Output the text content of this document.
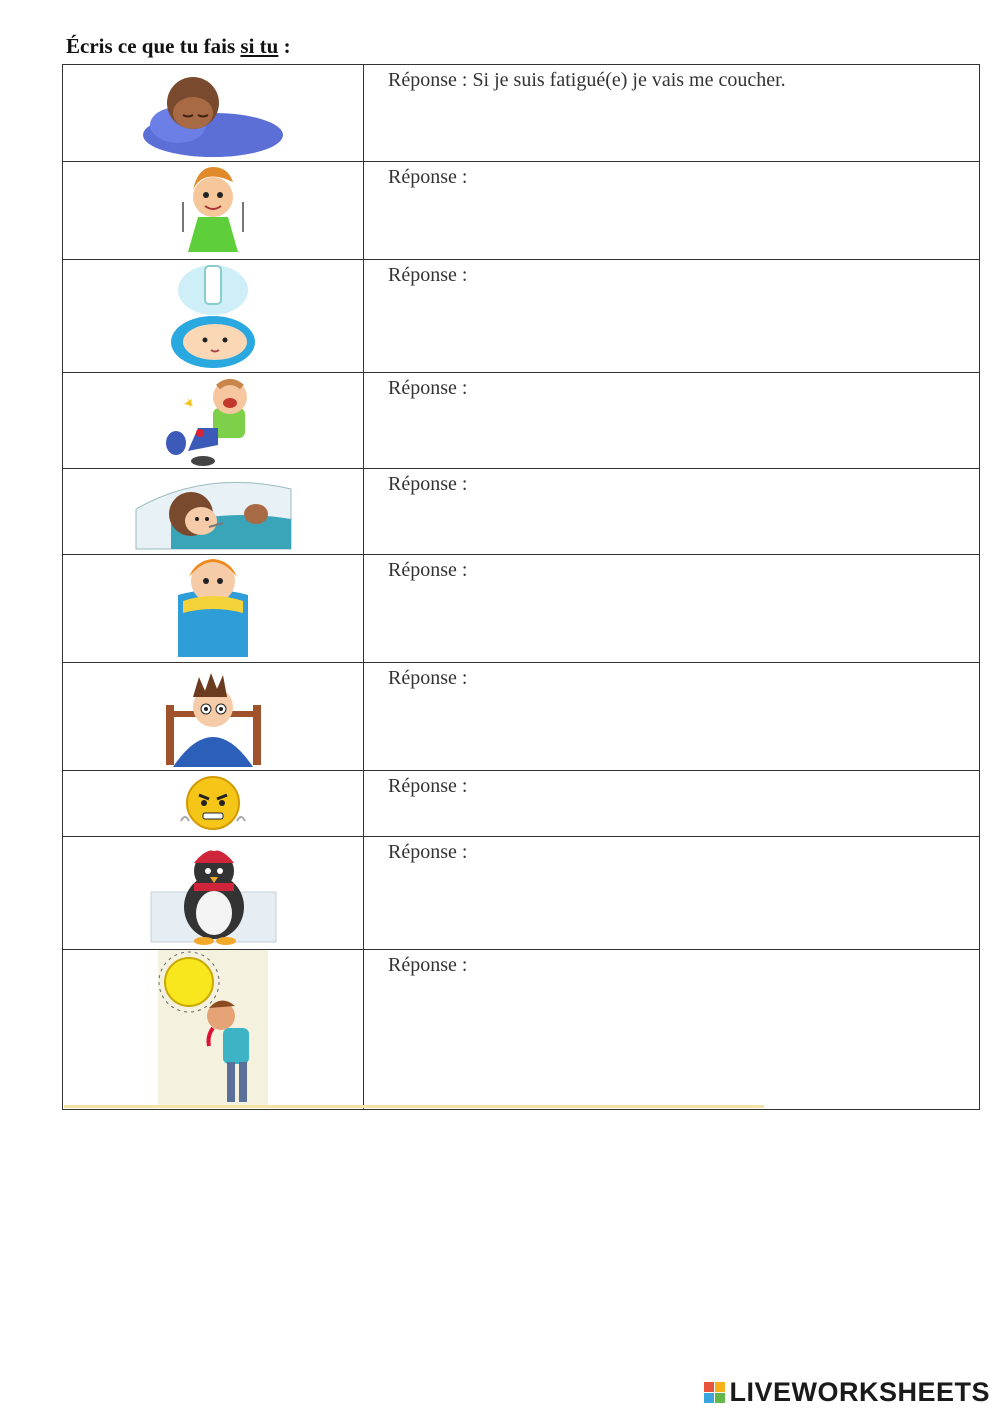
Écris ce que tu fais si tu :
	Réponse : Si je suis fatigué(e) je vais me coucher.

	Réponse :

	Réponse :

	Réponse :

	Réponse :

	Réponse :

	Réponse :

	Réponse :

	Réponse :

	Réponse :
LIVEWORKSHEETS
